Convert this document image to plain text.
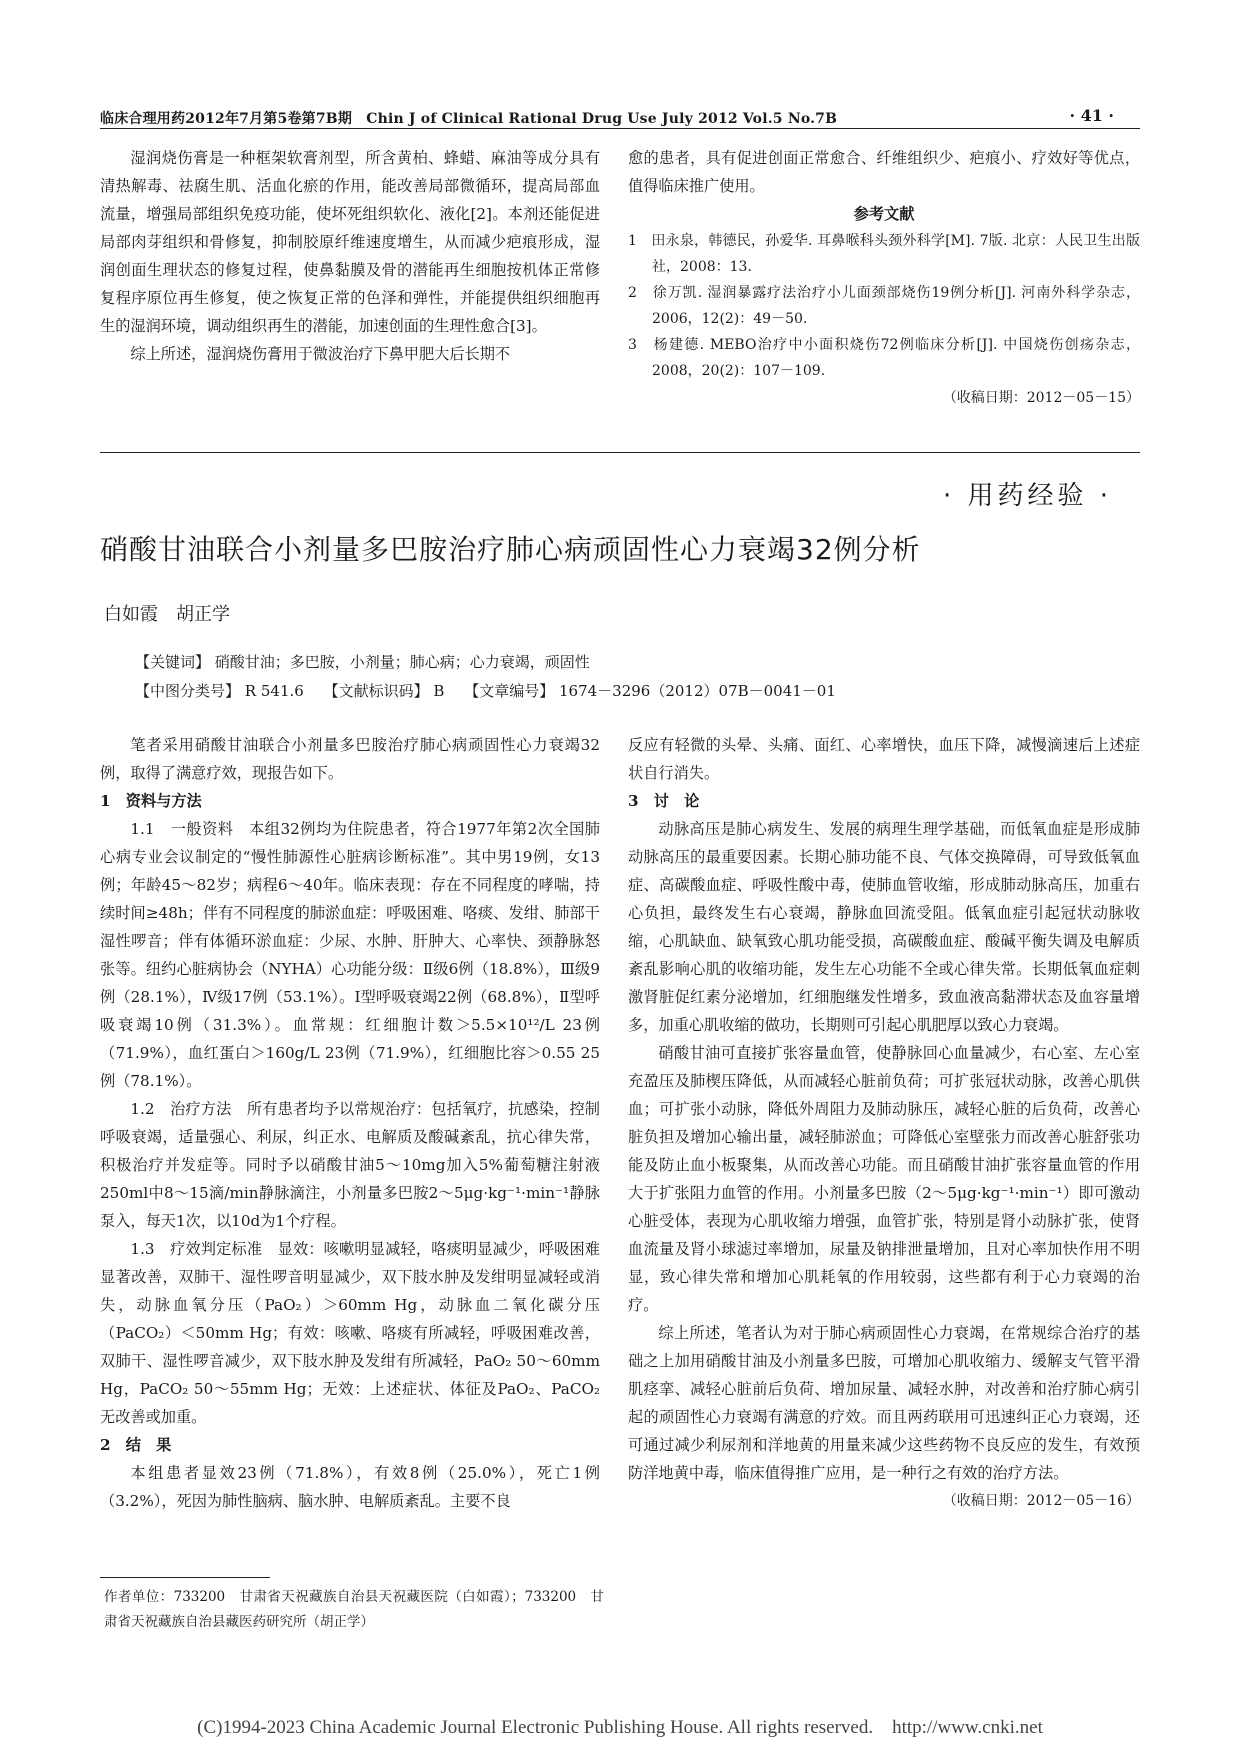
临床合理用药2012年7月第5卷第7B期　Chin J of Clinical Rational Drug Use July 2012 Vol.5 No.7B	· 41 ·

湿润烧伤膏是一种框架软膏剂型，所含黄柏、蜂蜡、麻油等成分具有清热解毒、祛腐生肌、活血化瘀的作用，能改善局部微循环，提高局部血流量，增强局部组织免疫功能，使坏死组织软化、液化[2]。本剂还能促进局部肉芽组织和骨修复，抑制胶原纤维速度增生，从而减少疤痕形成，湿润创面生理状态的修复过程，使鼻黏膜及骨的潜能再生细胞按机体正常修复程序原位再生修复，使之恢复正常的色泽和弹性，并能提供组织细胞再生的湿润环境，调动组织再生的潜能，加速创面的生理性愈合[3]。

综上所述，湿润烧伤膏用于微波治疗下鼻甲肥大后长期不

愈的患者，具有促进创面正常愈合、纤维组织少、疤痕小、疗效好等优点，值得临床推广使用。

参考文献

1　田永泉，韩德民，孙爱华. 耳鼻喉科头颈外科学[M]. 7版. 北京：人民卫生出版社，2008：13.

2　徐万凯. 湿润暴露疗法治疗小儿面颈部烧伤19例分析[J]. 河南外科学杂志，2006，12(2)：49－50.

3　杨建德. MEBO治疗中小面积烧伤72例临床分析[J]. 中国烧伤创疡杂志，2008，20(2)：107－109.

（收稿日期：2012－05－15）

· 用药经验 ·
硝酸甘油联合小剂量多巴胺治疗肺心病顽固性心力衰竭32例分析
白如霞　胡正学
【关键词】 硝酸甘油；多巴胺，小剂量；肺心病；心力衰竭，顽固性
【中图分类号】 R 541.6　 【文献标识码】 B　 【文章编号】 1674－3296（2012）07B－0041－01

笔者采用硝酸甘油联合小剂量多巴胺治疗肺心病顽固性心力衰竭32例，取得了满意疗效，现报告如下。

1　资料与方法

1.1　一般资料　本组32例均为住院患者，符合1977年第2次全国肺心病专业会议制定的“慢性肺源性心脏病诊断标准”。其中男19例，女13例；年龄45～82岁；病程6～40年。临床表现：存在不同程度的哮喘，持续时间≥48h；伴有不同程度的肺淤血症：呼吸困难、咯痰、发绀、肺部干湿性啰音；伴有体循环淤血症：少尿、水肿、肝肿大、心率快、颈静脉怒张等。纽约心脏病协会（NYHA）心功能分级：Ⅱ级6例（18.8%），Ⅲ级9例（28.1%），Ⅳ级17例（53.1%）。Ⅰ型呼吸衰竭22例（68.8%），Ⅱ型呼吸衰竭10例（31.3%）。血常规：红细胞计数＞5.5×10¹²/L 23例（71.9%），血红蛋白＞160g/L 23例（71.9%），红细胞比容＞0.55 25例（78.1%）。

1.2　治疗方法　所有患者均予以常规治疗：包括氧疗，抗感染，控制呼吸衰竭，适量强心、利尿，纠正水、电解质及酸碱紊乱，抗心律失常，积极治疗并发症等。同时予以硝酸甘油5～10mg加入5%葡萄糖注射液250ml中8～15滴/min静脉滴注，小剂量多巴胺2～5μg·kg⁻¹·min⁻¹静脉泵入，每天1次，以10d为1个疗程。

1.3　疗效判定标准　显效：咳嗽明显减轻，咯痰明显减少，呼吸困难显著改善，双肺干、湿性啰音明显减少，双下肢水肿及发绀明显减轻或消失，动脉血氧分压（PaO₂）＞60mm Hg，动脉血二氧化碳分压（PaCO₂）＜50mm Hg；有效：咳嗽、咯痰有所减轻，呼吸困难改善，双肺干、湿性啰音减少，双下肢水肿及发绀有所减轻，PaO₂ 50～60mm Hg，PaCO₂ 50～55mm Hg；无效：上述症状、体征及PaO₂、PaCO₂无改善或加重。

2　结　果

本组患者显效23例（71.8%），有效8例（25.0%），死亡1例（3.2%），死因为肺性脑病、脑水肿、电解质紊乱。主要不良

反应有轻微的头晕、头痛、面红、心率增快，血压下降，减慢滴速后上述症状自行消失。

3　讨　论

动脉高压是肺心病发生、发展的病理生理学基础，而低氧血症是形成肺动脉高压的最重要因素。长期心肺功能不良、气体交换障碍，可导致低氧血症、高碳酸血症、呼吸性酸中毒，使肺血管收缩，形成肺动脉高压，加重右心负担，最终发生右心衰竭，静脉血回流受阻。低氧血症引起冠状动脉收缩，心肌缺血、缺氧致心肌功能受损，高碳酸血症、酸碱平衡失调及电解质紊乱影响心肌的收缩功能，发生左心功能不全或心律失常。长期低氧血症刺激肾脏促红素分泌增加，红细胞继发性增多，致血液高黏滞状态及血容量增多，加重心肌收缩的做功，长期则可引起心肌肥厚以致心力衰竭。

硝酸甘油可直接扩张容量血管，使静脉回心血量减少，右心室、左心室充盈压及肺楔压降低，从而减轻心脏前负荷；可扩张冠状动脉，改善心肌供血；可扩张小动脉，降低外周阻力及肺动脉压，减轻心脏的后负荷，改善心脏负担及增加心输出量，减轻肺淤血；可降低心室壁张力而改善心脏舒张功能及防止血小板聚集，从而改善心功能。而且硝酸甘油扩张容量血管的作用大于扩张阻力血管的作用。小剂量多巴胺（2～5μg·kg⁻¹·min⁻¹）即可激动心脏受体，表现为心肌收缩力增强，血管扩张，特别是肾小动脉扩张，使肾血流量及肾小球滤过率增加，尿量及钠排泄量增加，且对心率加快作用不明显，致心律失常和增加心肌耗氧的作用较弱，这些都有利于心力衰竭的治疗。

综上所述，笔者认为对于肺心病顽固性心力衰竭，在常规综合治疗的基础之上加用硝酸甘油及小剂量多巴胺，可增加心肌收缩力、缓解支气管平滑肌痉挛、减轻心脏前后负荷、增加尿量、减轻水肿，对改善和治疗肺心病引起的顽固性心力衰竭有满意的疗效。而且两药联用可迅速纠正心力衰竭，还可通过减少利尿剂和洋地黄的用量来减少这些药物不良反应的发生，有效预防洋地黄中毒，临床值得推广应用，是一种行之有效的治疗方法。

（收稿日期：2012－05－16）

作者单位：733200　甘肃省天祝藏族自治县天祝藏医院（白如霞）；733200　甘肃省天祝藏族自治县藏医药研究所（胡正学）
(C)1994-2023 China Academic Journal Electronic Publishing House. All rights reserved.　http://www.cnki.net
